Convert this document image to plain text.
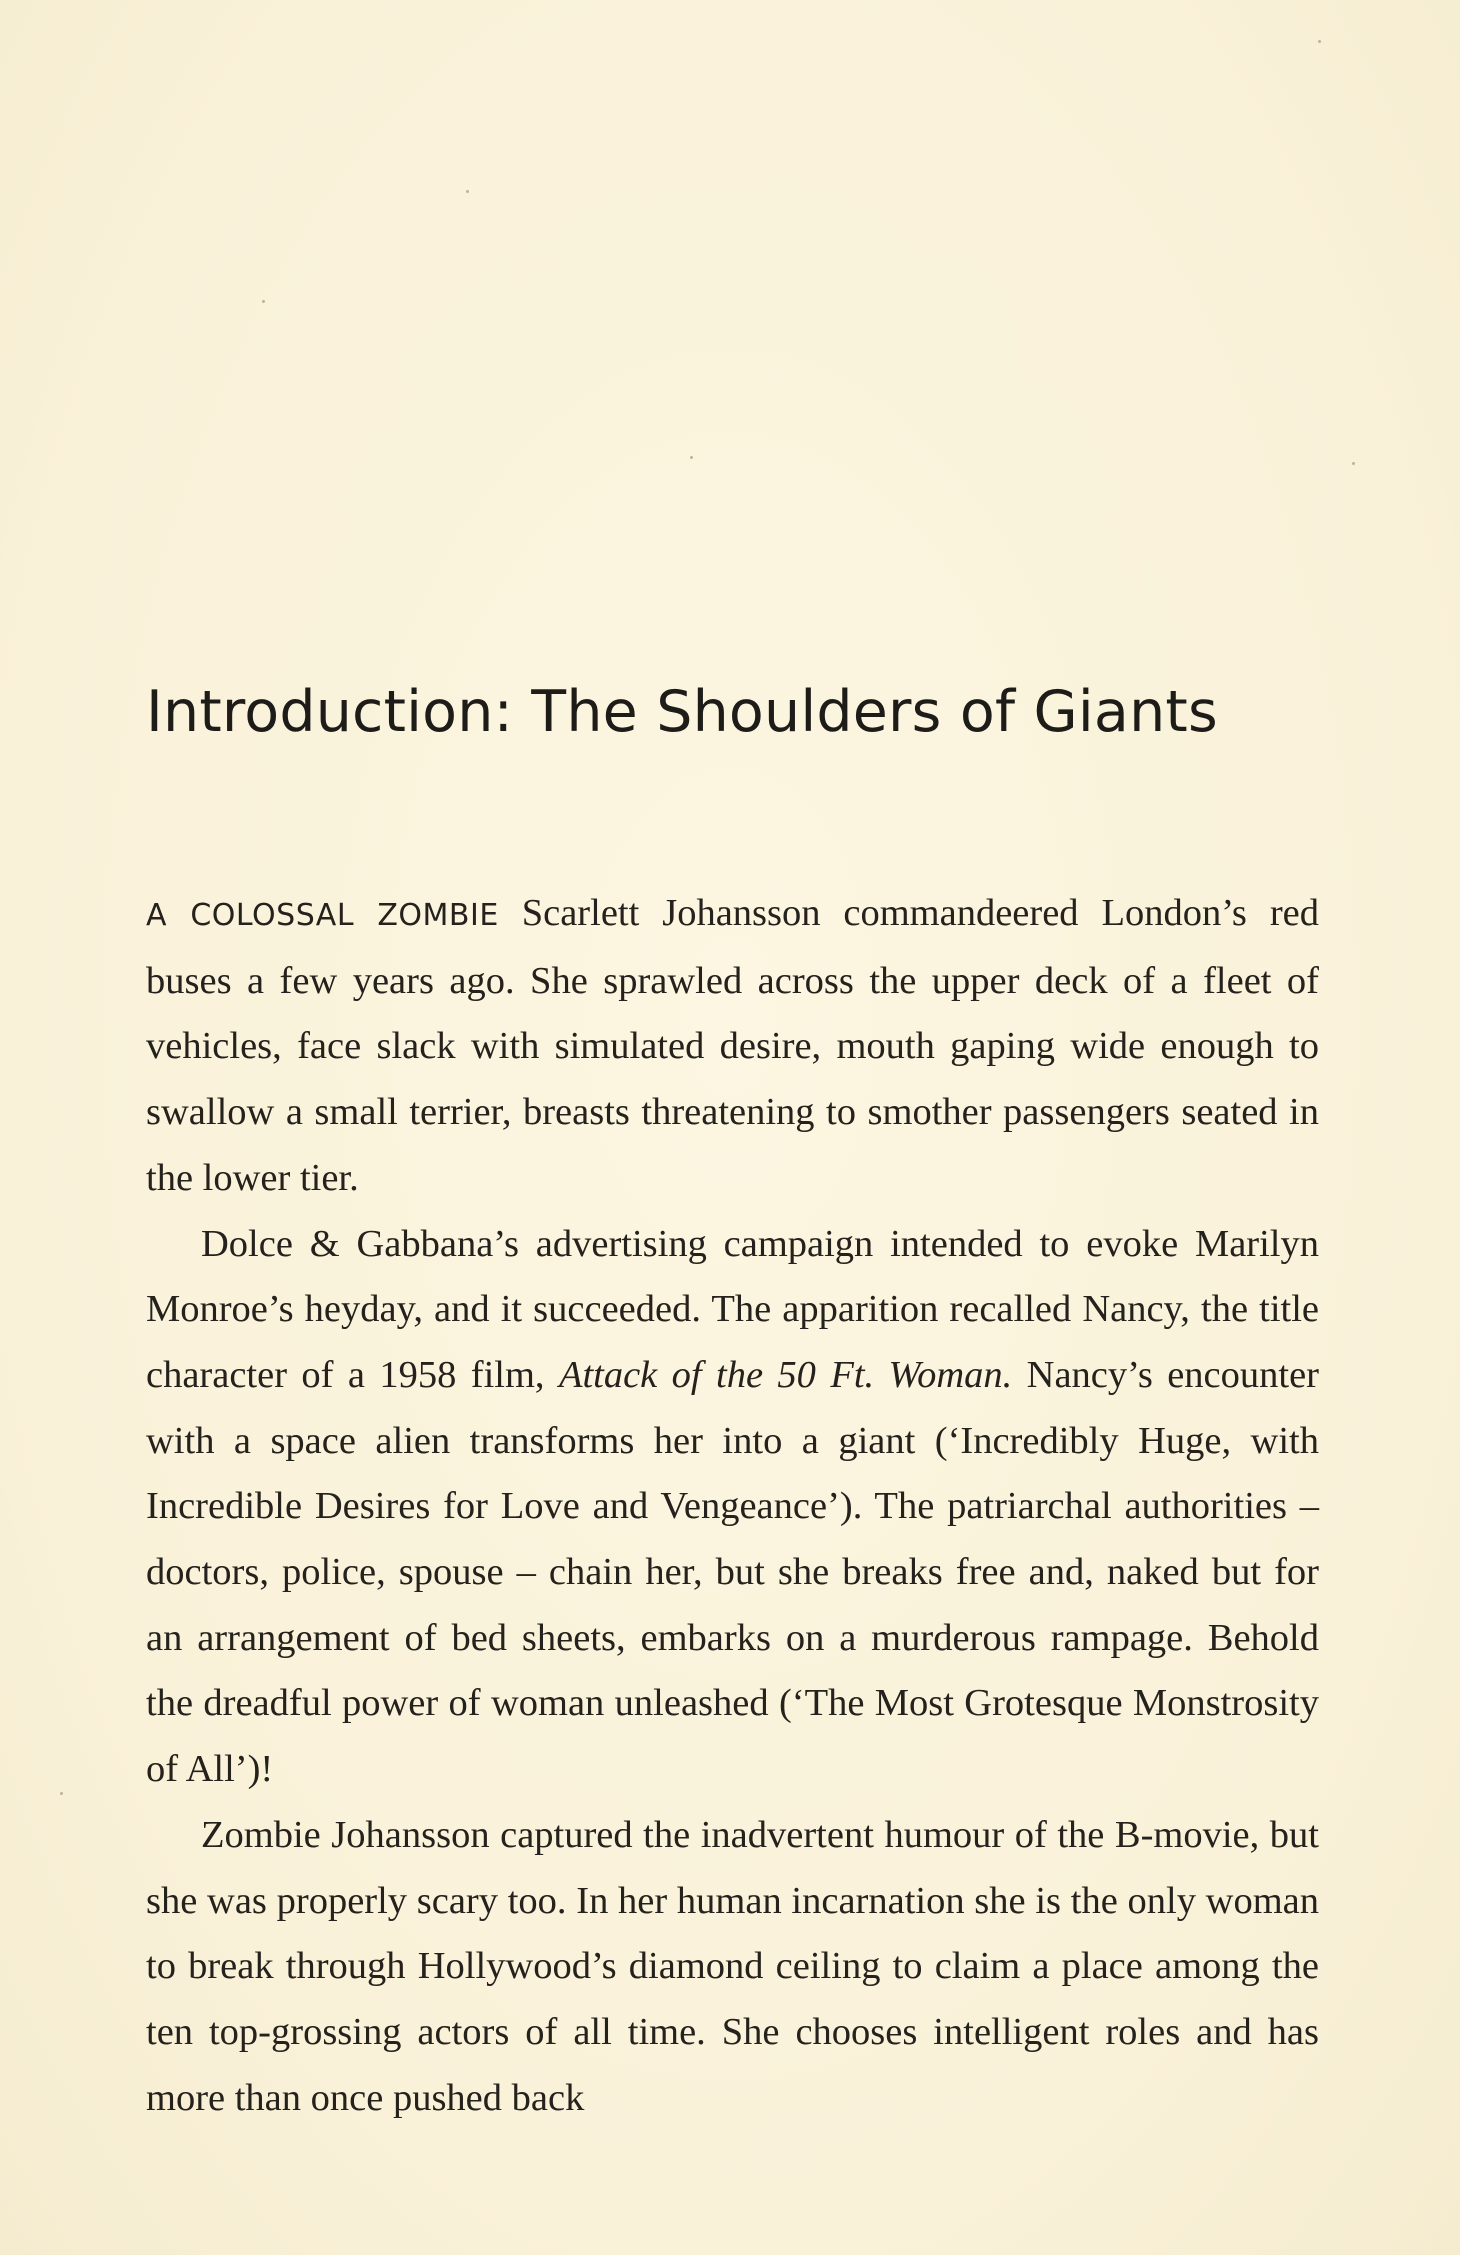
Introduction: The Shoulders of Giants

A COLOSSAL ZOMBIE Scarlett Johansson commandeered London’s red buses a few years ago. She sprawled across the upper deck of a fleet of vehicles, face slack with simulated desire, mouth gaping wide enough to swallow a small terrier, breasts threatening to smother passengers seated in the lower tier.

Dolce & Gabbana’s advertising campaign intended to evoke Marilyn Monroe’s heyday, and it succeeded. The apparition recalled Nancy, the title character of a 1958 film, Attack of the 50 Ft. Woman. Nancy’s encounter with a space alien transforms her into a giant (‘Incredibly Huge, with Incredible Desires for Love and Vengeance’). The patriarchal authorities – doctors, police, spouse – chain her, but she breaks free and, naked but for an arrangement of bed sheets, embarks on a murderous rampage. Behold the dreadful power of woman unleashed (‘The Most Grotesque Monstrosity of All’)!

Zombie Johansson captured the inadvertent humour of the B-movie, but she was properly scary too. In her human incarnation she is the only woman to break through Hollywood’s diamond ceiling to claim a place among the ten top-grossing actors of all time. She chooses intelligent roles and has more than once pushed back
